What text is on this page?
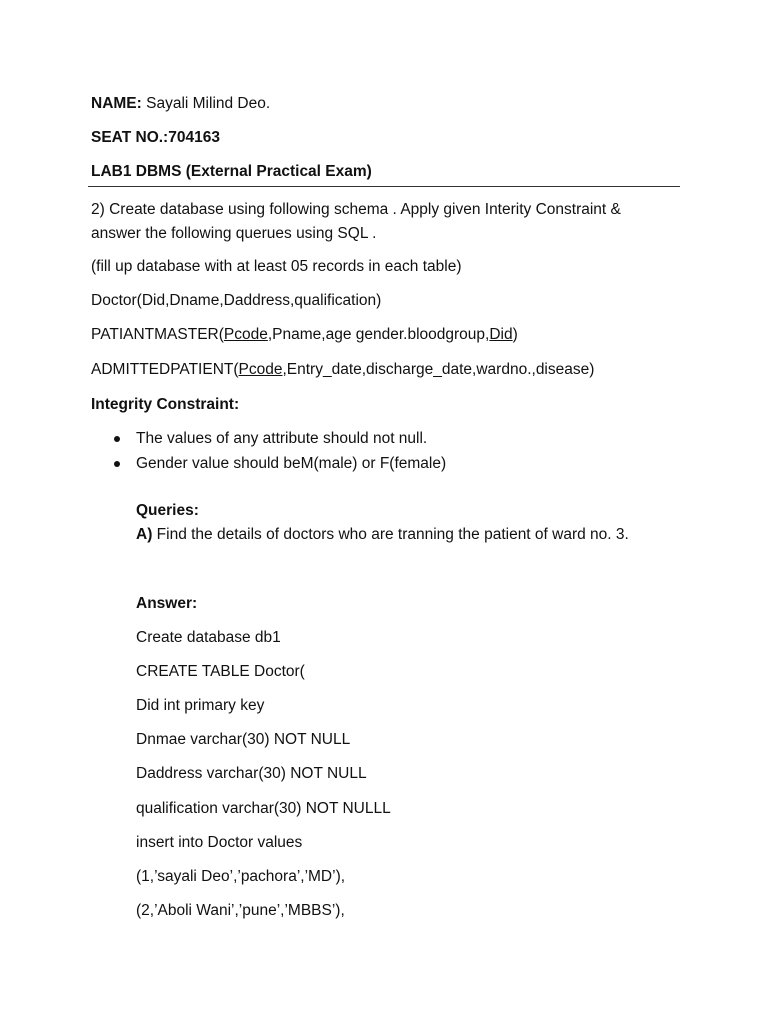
NAME: Sayali Milind Deo.
SEAT NO.:704163
LAB1 DBMS (External Practical Exam)
2) Create database using following schema . Apply given Interity Constraint &
answer the following querues using SQL .
(fill up database with at least 05 records in each table)
Doctor(Did,Dname,Daddress,qualification)
PATIANTMASTER(Pcode,Pname,age gender.bloodgroup,Did)
ADMITTEDPATIENT(Pcode,Entry_date,discharge_date,wardno.,disease)
Integrity Constraint:
The values of any attribute should not null.
Gender value should beM(male) or F(female)
Queries:
A) Find the details of doctors who are tranning the patient of ward no. 3.
Answer:
Create database db1
CREATE TABLE Doctor(
Did int primary key
Dnmae varchar(30) NOT NULL
Daddress varchar(30) NOT NULL
qualification varchar(30) NOT NULLL
insert into Doctor values
(1,’sayali Deo’,’pachora’,’MD’),
(2,’Aboli Wani’,’pune’,’MBBS’),
